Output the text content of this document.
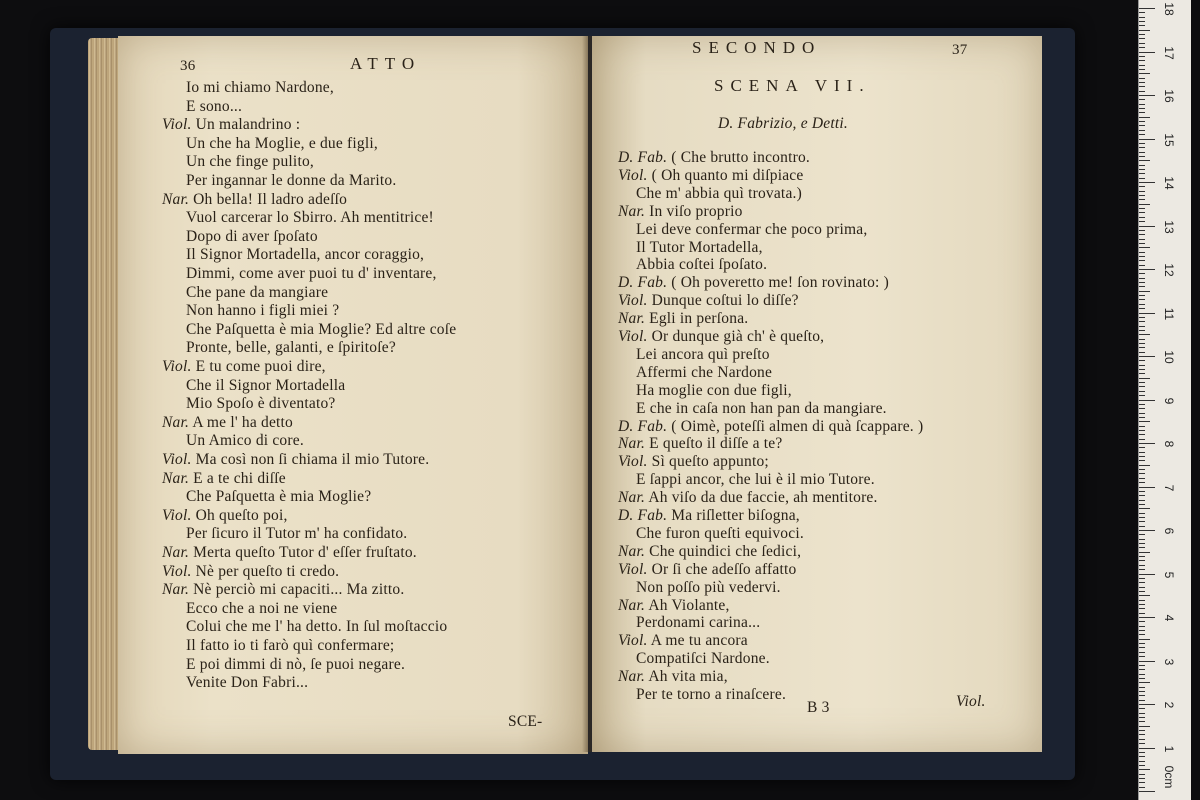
36	ATTO
SCE-
Io mi chiamo Nardone,
E sono...
Viol. Un malandrino :
Un che ha Moglie, e due figli,
Un che finge pulito,
Per ingannar le donne da Marito.
Nar. Oh bella! Il ladro adeſſo
Vuol carcerar lo Sbirro. Ah mentitrice!
Dopo di aver ſpoſato
Il Signor Mortadella, ancor coraggio,
Dimmi, come aver puoi tu d' inventare,
Che pane da mangiare
Non hanno i figli miei ?
Che Paſquetta è mia Moglie? Ed altre coſe
Pronte, belle, galanti, e ſpiritoſe?
Viol. E tu come puoi dire,
Che il Signor Mortadella
Mio Spoſo è diventato?
Nar. A me l' ha detto
Un Amico di core.
Viol. Ma così non ſi chiama il mio Tutore.
Nar. E a te chi diſſe
Che Paſquetta è mia Moglie?
Viol. Oh queſto poi,
Per ſicuro il Tutor m' ha confidato.
Nar. Merta queſto Tutor d' eſſer fruſtato.
Viol. Nè per queſto ti credo.
Nar. Nè perciò mi capaciti... Ma zitto.
Ecco che a noi ne viene
Colui che me l' ha detto. In ſul moſtaccio
Il fatto io ti farò quì confermare;
E poi dimmi di nò, ſe puoi negare.
Venite Don Fabri...
SECONDO	37
SCENA VII.
D. Fabrizio, e Detti.
B 3	Viol.
D. Fab. ( Che brutto incontro.
Viol. ( Oh quanto mi diſpiace
Che m' abbia quì trovata.)
Nar. In viſo proprio
Lei deve confermar che poco prima,
Il Tutor Mortadella,
Abbia coſtei ſpoſato.
D. Fab. ( Oh poveretto me! ſon rovinato: )
Viol. Dunque coſtui lo diſſe?
Nar. Egli in perſona.
Viol. Or dunque già ch' è queſto,
Lei ancora quì preſto
Affermi che Nardone
Ha moglie con due figli,
E che in caſa non han pan da mangiare.
D. Fab. ( Oimè, poteſſi almen di quà ſcappare. )
Nar. E queſto il diſſe a te?
Viol. Sì queſto appunto;
E ſappi ancor, che lui è il mio Tutore.
Nar. Ah viſo da due faccie, ah mentitore.
D. Fab. Ma riſletter biſogna,
Che furon queſti equivoci.
Nar. Che quindici che ſedici,
Viol. Or ſi che adeſſo affatto
Non poſſo più vedervi.
Nar. Ah Violante,
Perdonami carina...
Viol. A me tu ancora
Compatiſci Nardone.
Nar. Ah vita mia,
Per te torno a rinaſcere.
18
17
16
15
14
13
12
11
10
9
8
7
6
5
4
3
2
1
0cm
